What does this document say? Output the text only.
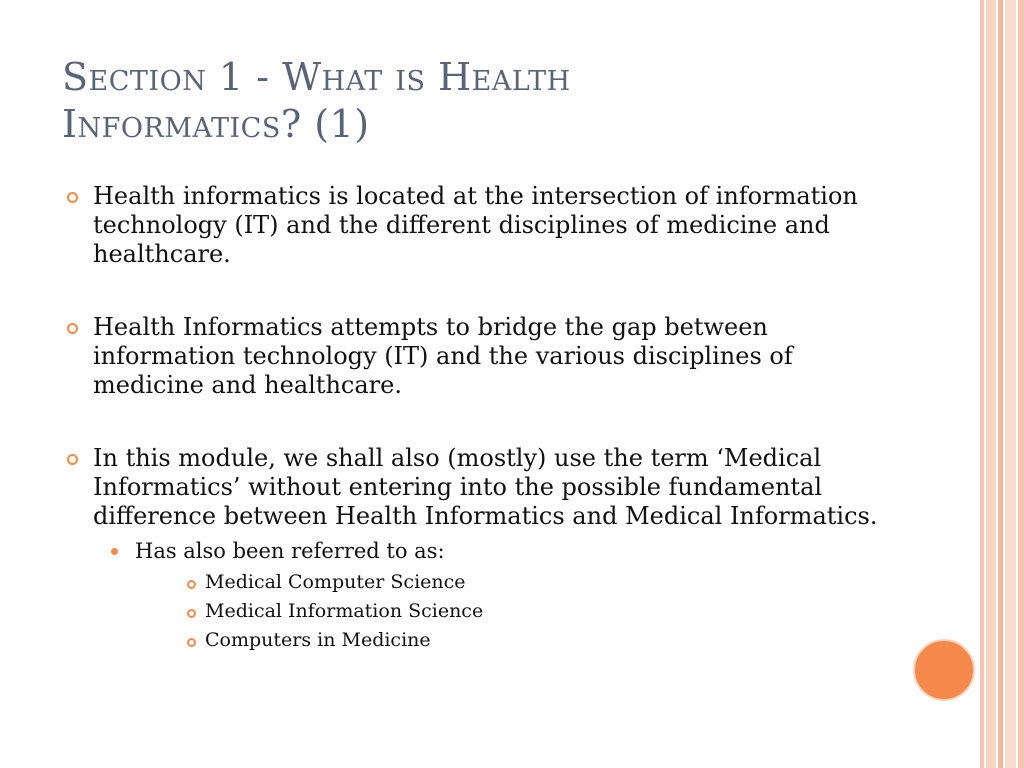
Section 1 - What is Health Informatics? (1)
Health informatics is located at the intersection of information technology (IT) and the different disciplines of medicine and healthcare.
Health Informatics attempts to bridge the gap between information technology (IT) and the various disciplines of medicine and healthcare.
In this module, we shall also (mostly) use the term ‘Medical Informatics’ without entering into the possible fundamental difference between Health Informatics and Medical Informatics.
Has also been referred to as:
Medical Computer Science
Medical Information Science
Computers in Medicine
